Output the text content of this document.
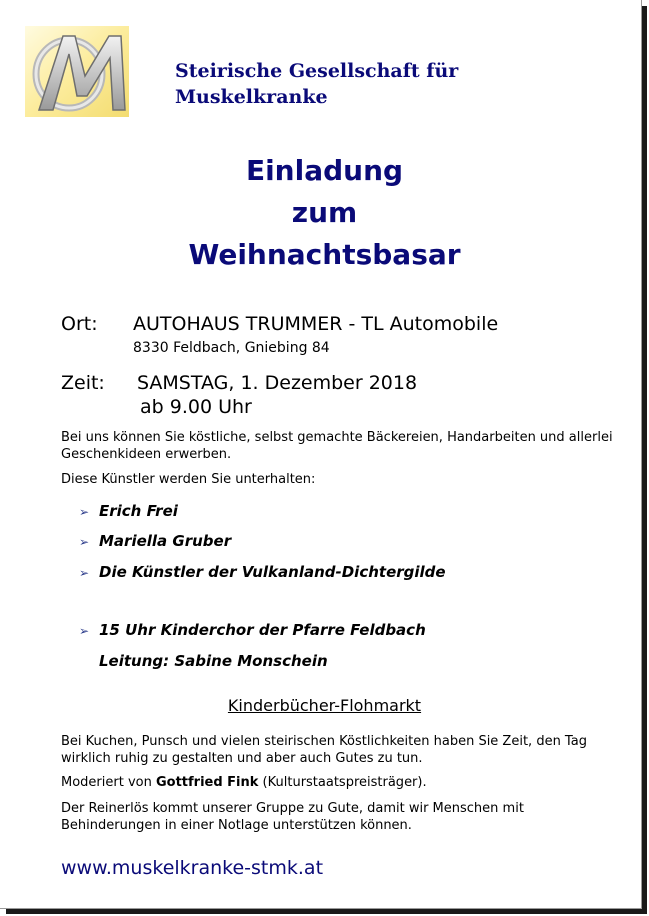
Steirische Gesellschaft für
Muskelkranke
Einladung
zum
Weihnachtsbasar
Ort: AUTOHAUS TRUMMER - TL Automobile
8330 Feldbach, Gniebing 84
Zeit: SAMSTAG, 1. Dezember 2018
ab 9.00 Uhr
Bei uns können Sie köstliche, selbst gemachte Bäckereien, Handarbeiten und allerlei Geschenkideen erwerben.
Diese Künstler werden Sie unterhalten:
➢ Erich Frei
➢ Mariella Gruber
➢ Die Künstler der Vulkanland-Dichtergilde
➢ 15 Uhr Kinderchor der Pfarre Feldbach
Leitung: Sabine Monschein
Kinderbücher-Flohmarkt
Bei Kuchen, Punsch und vielen steirischen Köstlichkeiten haben Sie Zeit, den Tag wirklich ruhig zu gestalten und aber auch Gutes zu tun.
Moderiert von Gottfried Fink (Kulturstaatspreisträger).
Der Reinerlös kommt unserer Gruppe zu Gute, damit wir Menschen mit Behinderungen in einer Notlage unterstützen können.
www.muskelkranke-stmk.at
